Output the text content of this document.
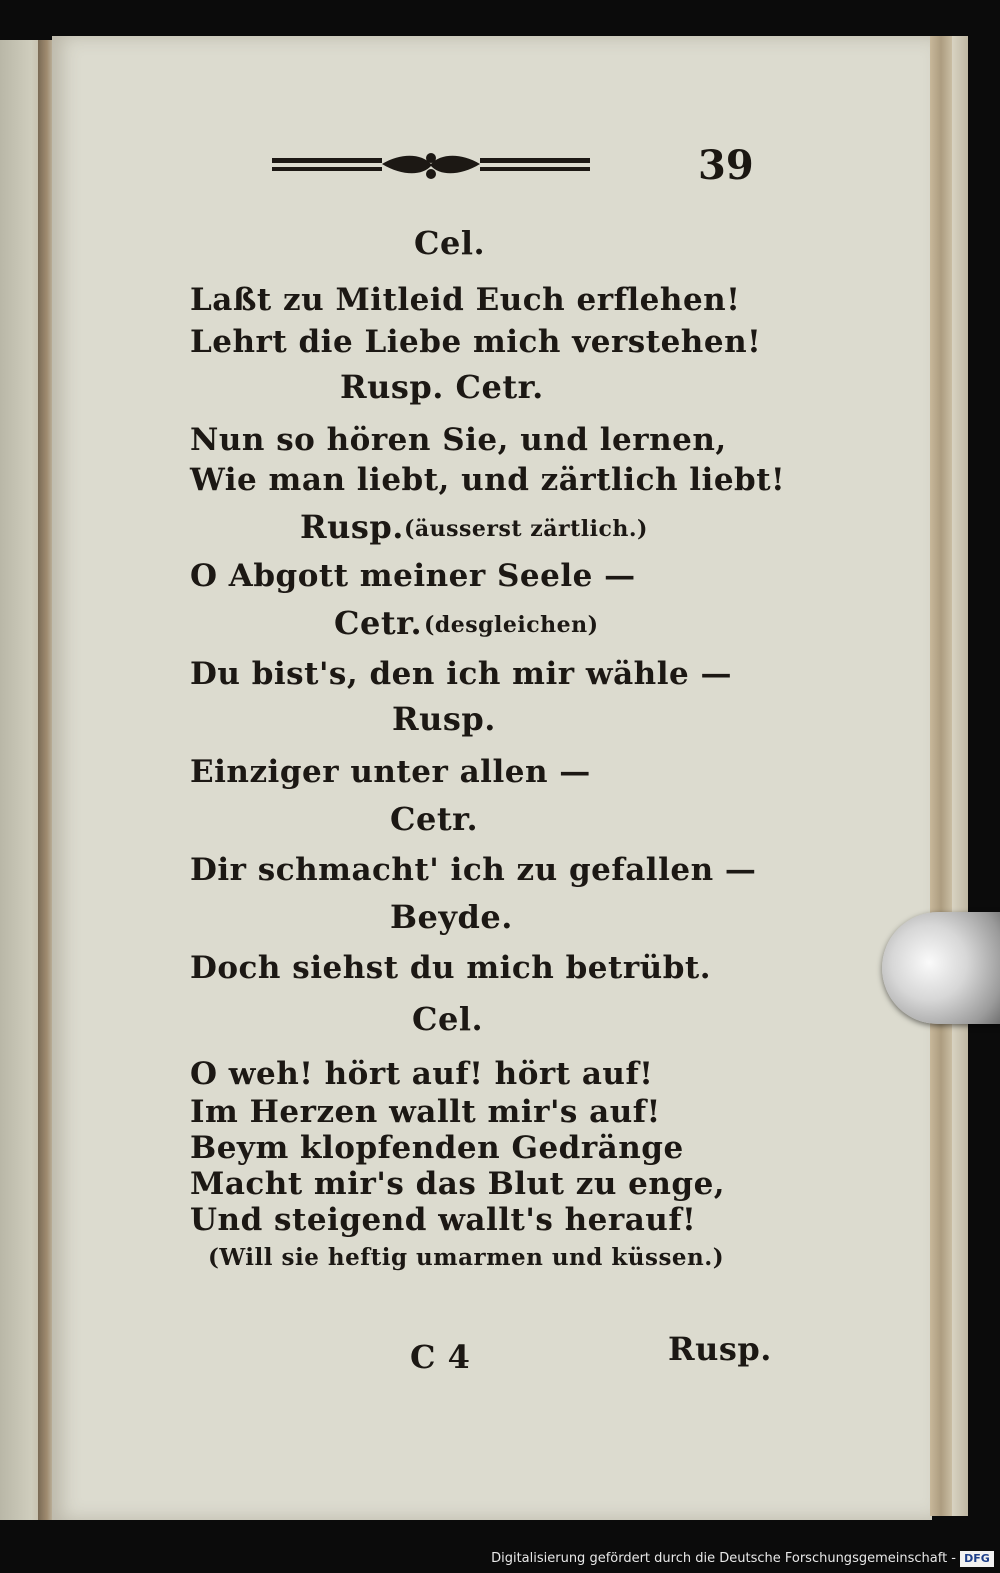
39
Cel.
Laßt zu Mitleid Euch erflehen!
Lehrt die Liebe mich verstehen!
Rusp. Cetr.
Nun so hören Sie, und lernen,
Wie man liebt, und zärtlich liebt!
Rusp. (äusserst zärtlich.)
O Abgott meiner Seele —
Cetr. (desgleichen)
Du bist's, den ich mir wähle —
Rusp.
Einziger unter allen —
Cetr.
Dir schmacht' ich zu gefallen —
Beyde.
Doch siehst du mich betrübt.
Cel.
O weh! hört auf! hört auf!
Im Herzen wallt mir's auf!
Beym klopfenden Gedränge
Macht mir's das Blut zu enge,
Und steigend wallt's herauf!
(Will sie heftig umarmen und küssen.)
C 4	Rusp.
Digitalisierung gefördert durch die Deutsche Forschungsgemeinschaft - DFG
